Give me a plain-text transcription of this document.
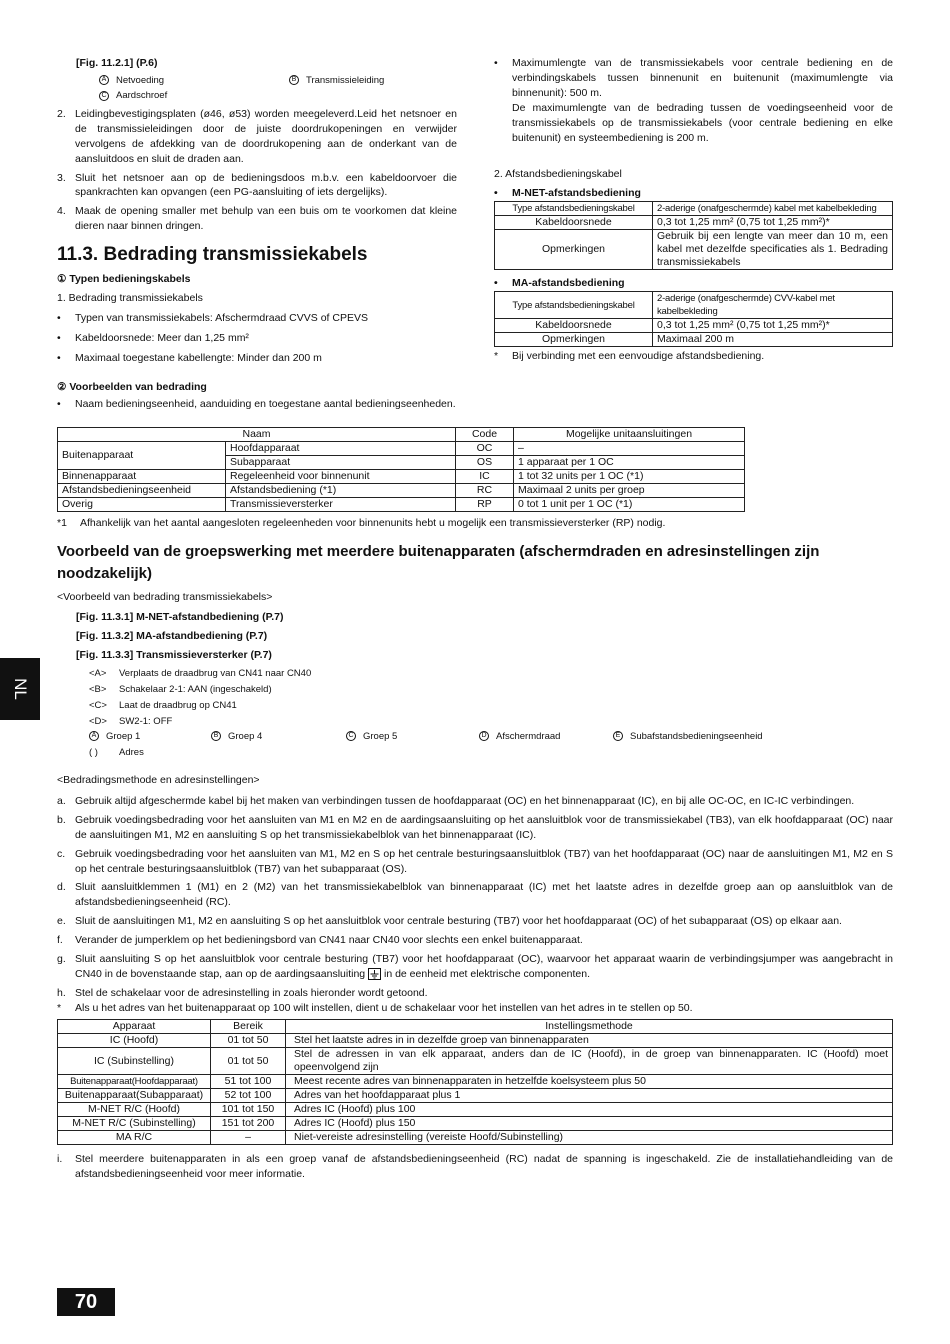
[Fig. 11.2.1] (P.6)
A Netvoeding	B Transmissieleiding
C Aardschroef
2. Leidingbevestigingsplaten (ø46, ø53) worden meegeleverd.Leid het netsnoer en de transmissieleidingen door de juiste doordrukopeningen en verwijder vervolgens de afdekking van de doordrukopening aan de onderkant van de aansluitdoos en sluit de draden aan.
3. Sluit het netsnoer aan op de bedieningsdoos m.b.v. een kabeldoorvoer die spankrachten kan opvangen (een PG-aansluiting of iets dergelijks).
4. Maak de opening smaller met behulp van een buis om te voorkomen dat kleine dieren naar binnen dringen.
11.3. Bedrading transmissiekabels
① Typen bedieningskabels
1. Bedrading transmissiekabels
•	Typen van transmissiekabels: Afschermdraad CVVS of CPEVS
•	Kabeldoorsnede: Meer dan 1,25 mm²
•	Maximaal toegestane kabellengte: Minder dan 200 m
② Voorbeelden van bedrading
•	Naam bedieningseenheid, aanduiding en toegestane aantal bedieningseenheden.
•	Maximumlengte van de transmissiekabels voor centrale bediening en de verbindingskabels tussen binnenunit en buitenunit (maximumlengte via binnenunit): 500 m.
De maximumlengte van de bedrading tussen de voedingseenheid voor de transmissiekabels op de transmissiekabels (voor centrale bediening en elke buitenunit) en systeembediening is 200 m.
2. Afstandsbedieningskabel
•	M-NET-afstandsbediening
Type afstandsbedieningskabel	2-aderige (onafgeschermde) kabel met kabelbekleding
Kabeldoorsnede	0,3 tot 1,25 mm² (0,75 tot 1,25 mm²)*
Opmerkingen	Gebruik bij een lengte van meer dan 10 m, een kabel met dezelfde specificaties als 1. Bedrading transmissiekabels
•	MA-afstandsbediening
Type afstandsbedieningskabel	2-aderige (onafgeschermde) CVV-kabel met kabelbekleding
Kabeldoorsnede	0,3 tot 1,25 mm² (0,75 tot 1,25 mm²)*
Opmerkingen	Maximaal 200 m
*	Bij verbinding met een eenvoudige afstandsbediening.
Naam		Code	Mogelijke unitaansluitingen
Buitenapparaat	Hoofdapparaat	OC	–
	Subapparaat	OS	1 apparaat per 1 OC
Binnenapparaat	Regeleenheid voor binnenunit	IC	1 tot 32 units per 1 OC (*1)
Afstandsbedieningseenheid	Afstandsbediening (*1)	RC	Maximaal 2 units per groep
Overig	Transmissieversterker	RP	0 tot 1 unit per 1 OC (*1)
*1	Afhankelijk van het aantal aangesloten regeleenheden voor binnenunits hebt u mogelijk een transmissieversterker (RP) nodig.
Voorbeeld van de groepswerking met meerdere buitenapparaten (afschermdraden en adresinstellingen zijn noodzakelijk)
<Voorbeeld van bedrading transmissiekabels>
[Fig. 11.3.1] M-NET-afstandbediening (P.7)
[Fig. 11.3.2] MA-afstandbediening (P.7)
[Fig. 11.3.3] Transmissieversterker (P.7)
<A>	Verplaats de draadbrug van CN41 naar CN40
<B>	Schakelaar 2-1: AAN (ingeschakeld)
<C>	Laat de draadbrug op CN41
<D>	SW2-1: OFF
A Groep 1	B Groep 4	C Groep 5	D Afschermdraad	E Subafstandsbedieningseenheid
( )	Adres
<Bedradingsmethode en adresinstellingen>
a. Gebruik altijd afgeschermde kabel bij het maken van verbindingen tussen de hoofdapparaat (OC) en het binnenapparaat (IC), en bij alle OC-OC, en IC-IC verbindingen.
b. Gebruik voedingsbedrading voor het aansluiten van M1 en M2 en de aardingsaansluiting op het aansluitblok voor de transmissiekabel (TB3), van elk hoofdapparaat (OC) naar de aansluitingen M1, M2 en aansluiting S op het transmissiekabelblok van het binnenapparaat (IC).
c. Gebruik voedingsbedrading voor het aansluiten van M1, M2 en S op het centrale besturingsaansluitblok (TB7) van het hoofdapparaat (OC) naar de aansluitingen M1, M2 en S op het centrale besturingsaansluitblok (TB7) van het subapparaat (OS).
d. Sluit aansluitklemmen 1 (M1) en 2 (M2) van het transmissiekabelblok van binnenapparaat (IC) met het laatste adres in dezelfde groep aan op aansluitblok van de afstandsbedieningseenheid (RC).
e. Sluit de aansluitingen M1, M2 en aansluiting S op het aansluitblok voor centrale besturing (TB7) voor het hoofdapparaat (OC) of het subapparaat (OS) op elkaar aan.
f.	Verander de jumperklem op het bedieningsbord van CN41 naar CN40 voor slechts een enkel buitenapparaat.
g. Sluit aansluiting S op het aansluitblok voor centrale besturing (TB7) voor het hoofdapparaat (OC), waarvoor het apparaat waarin de verbindingsjumper was aangebracht in CN40 in de bovenstaande stap, aan op de aardingsaansluiting in de eenheid met elektrische componenten.
h. Stel de schakelaar voor de adresinstelling in zoals hieronder wordt getoond.
*	Als u het adres van het buitenapparaat op 100 wilt instellen, dient u de schakelaar voor het instellen van het adres in te stellen op 50.
Apparaat	Bereik	Instellingsmethode
IC (Hoofd)	01 tot 50	Stel het laatste adres in in dezelfde groep van binnenapparaten
IC (Subinstelling)	01 tot 50	Stel de adressen in van elk apparaat, anders dan de IC (Hoofd), in de groep van binnenapparaten. IC (Hoofd) moet opeenvolgend zijn
Buitenapparaat(Hoofdapparaat)	51 tot 100	Meest recente adres van binnenapparaten in hetzelfde koelsysteem plus 50
Buitenapparaat(Subapparaat)	52 tot 100	Adres van het hoofdapparaat plus 1
M-NET R/C (Hoofd)	101 tot 150	Adres IC (Hoofd) plus 100
M-NET R/C (Subinstelling)	151 tot 200	Adres IC (Hoofd) plus 150
MA R/C	–	Niet-vereiste adresinstelling (vereiste Hoofd/Subinstelling)
i.	Stel meerdere buitenapparaten in als een groep vanaf de afstandsbedieningseenheid (RC) nadat de spanning is ingeschakeld. Zie de installatiehandleiding van de afstandsbedieningseenheid voor meer informatie.
NL
70
